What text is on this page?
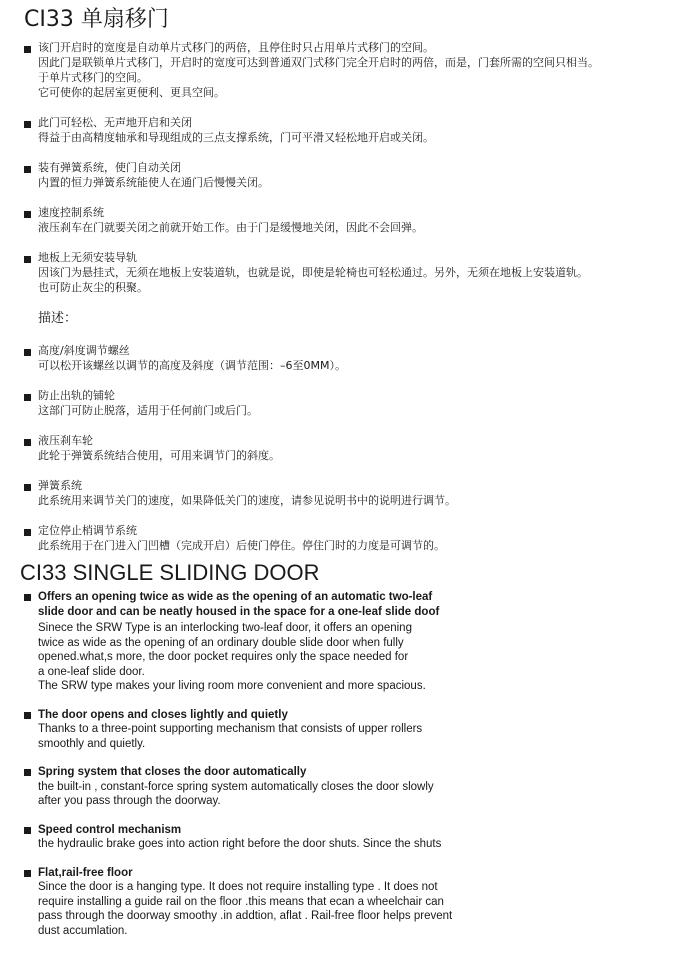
CI33 单扇移门
该门开启时的宽度是自动单片式移门的两倍，且停住时只占用单片式移门的空间。
因此门是联锁单片式移门，开启时的宽度可达到普通双门式移门完全开启时的两倍，而是，门套所需的空间只相当。
于单片式移门的空间。
它可使你的起居室更便利、更具空间。
此门可轻松、无声地开启和关闭
得益于由高精度轴承和导现组成的三点支撑系统，门可平滑又轻松地开启或关闭。
装有弹簧系统，使门自动关闭
内置的恒力弹簧系统能使人在通门后慢慢关闭。
速度控制系统
液压刹车在门就要关闭之前就开始工作。由于门是缓慢地关闭，因此不会回弹。
地板上无须安装导轨
因该门为悬挂式，无须在地板上安装道轨，也就是说，即使是轮椅也可轻松通过。另外，无须在地板上安装道轨。
也可防止灰尘的积聚。
描述：
高度/斜度调节螺丝
可以松开该螺丝以调节的高度及斜度（调节范围：–6至0MM）。
防止出轨的铺轮
这部门可防止脱落，适用于任何前门或后门。
液压刹车轮
此轮于弹簧系统结合使用，可用来调节门的斜度。
弹簧系统
此系统用来调节关门的速度，如果降低关门的速度，请参见说明书中的说明进行调节。
定位停止梢调节系统
此系统用于在门进入门凹槽（完成开启）后使门停住。停住门时的力度是可调节的。
CI33 SINGLE SLIDING DOOR
Offers an opening twice as wide as the opening of an automatic two-leaf
slide door and can be neatly housed in the space for a one-leaf slide doof
Sinece the SRW Type is an interlocking two-leaf door, it offers an opening
twice as wide as the opening of an ordinary double slide door when fully
opened.what,s more, the door pocket requires only the space needed for
a one-leaf slide door.
The SRW type makes your living room more convenient and more spacious.
The door opens and closes lightly and quietly
Thanks to a three-point supporting mechanism that consists of upper rollers
smoothly and quietly.
Spring system that closes the door automatically
the built-in , constant-force spring system automatically closes the door slowly
after you pass through the doorway.
Speed control mechanism
the hydraulic brake goes into action right before the door shuts. Since the shuts
Flat,rail-free floor
Since the door is a hanging type. It does not require installing type . It does not
require installing a guide rail on the floor .this means that ecan a wheelchair can
pass through the doorway smoothy .in addtion, aflat . Rail-free floor helps prevent
dust accumlation.
